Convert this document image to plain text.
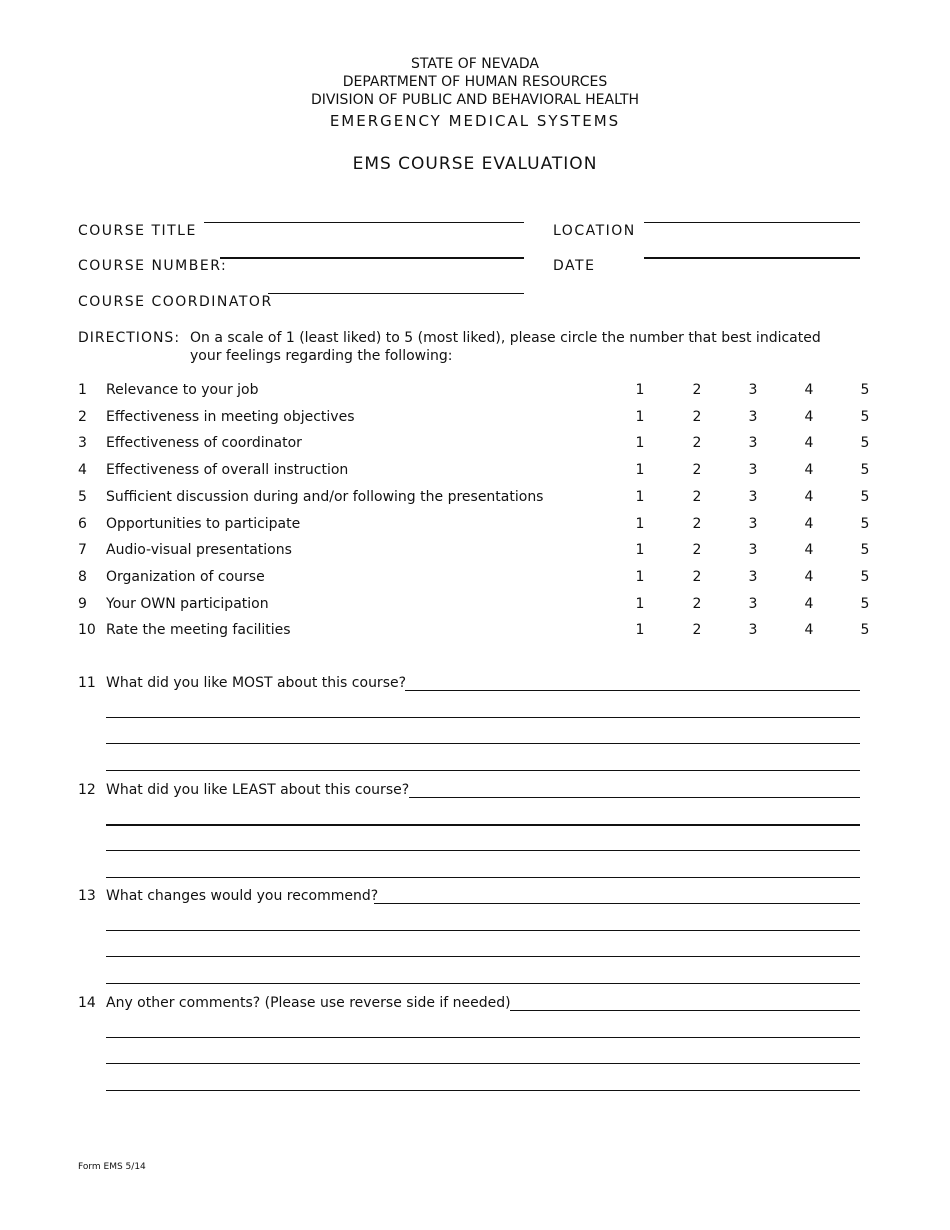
STATE OF NEVADA
DEPARTMENT OF HUMAN RESOURCES
DIVISION OF PUBLIC AND BEHAVIORAL HEALTH
EMERGENCY MEDICAL SYSTEMS
EMS COURSE EVALUATION
COURSE TITLE	LOCATION
COURSE NUMBER:	DATE
COURSE COORDINATOR
DIRECTIONS: On a scale of 1 (least liked) to 5 (most liked), please circle the number that best indicated your feelings regarding the following:
1 Relevance to your job	1	2	3	4	5
2 Effectiveness in meeting objectives	1	2	3	4	5
3 Effectiveness of coordinator	1	2	3	4	5
4 Effectiveness of overall instruction	1	2	3	4	5
5 Sufficient discussion during and/or following the presentations	1	2	3	4	5
6 Opportunities to participate	1	2	3	4	5
7 Audio-visual presentations	1	2	3	4	5
8 Organization of course	1	2	3	4	5
9 Your OWN participation	1	2	3	4	5
10 Rate the meeting facilities	1	2	3	4	5
11 What did you like MOST about this course?
12 What did you like LEAST about this course?
13 What changes would you recommend?
14 Any other comments? (Please use reverse side if needed)
Form EMS 5/14
